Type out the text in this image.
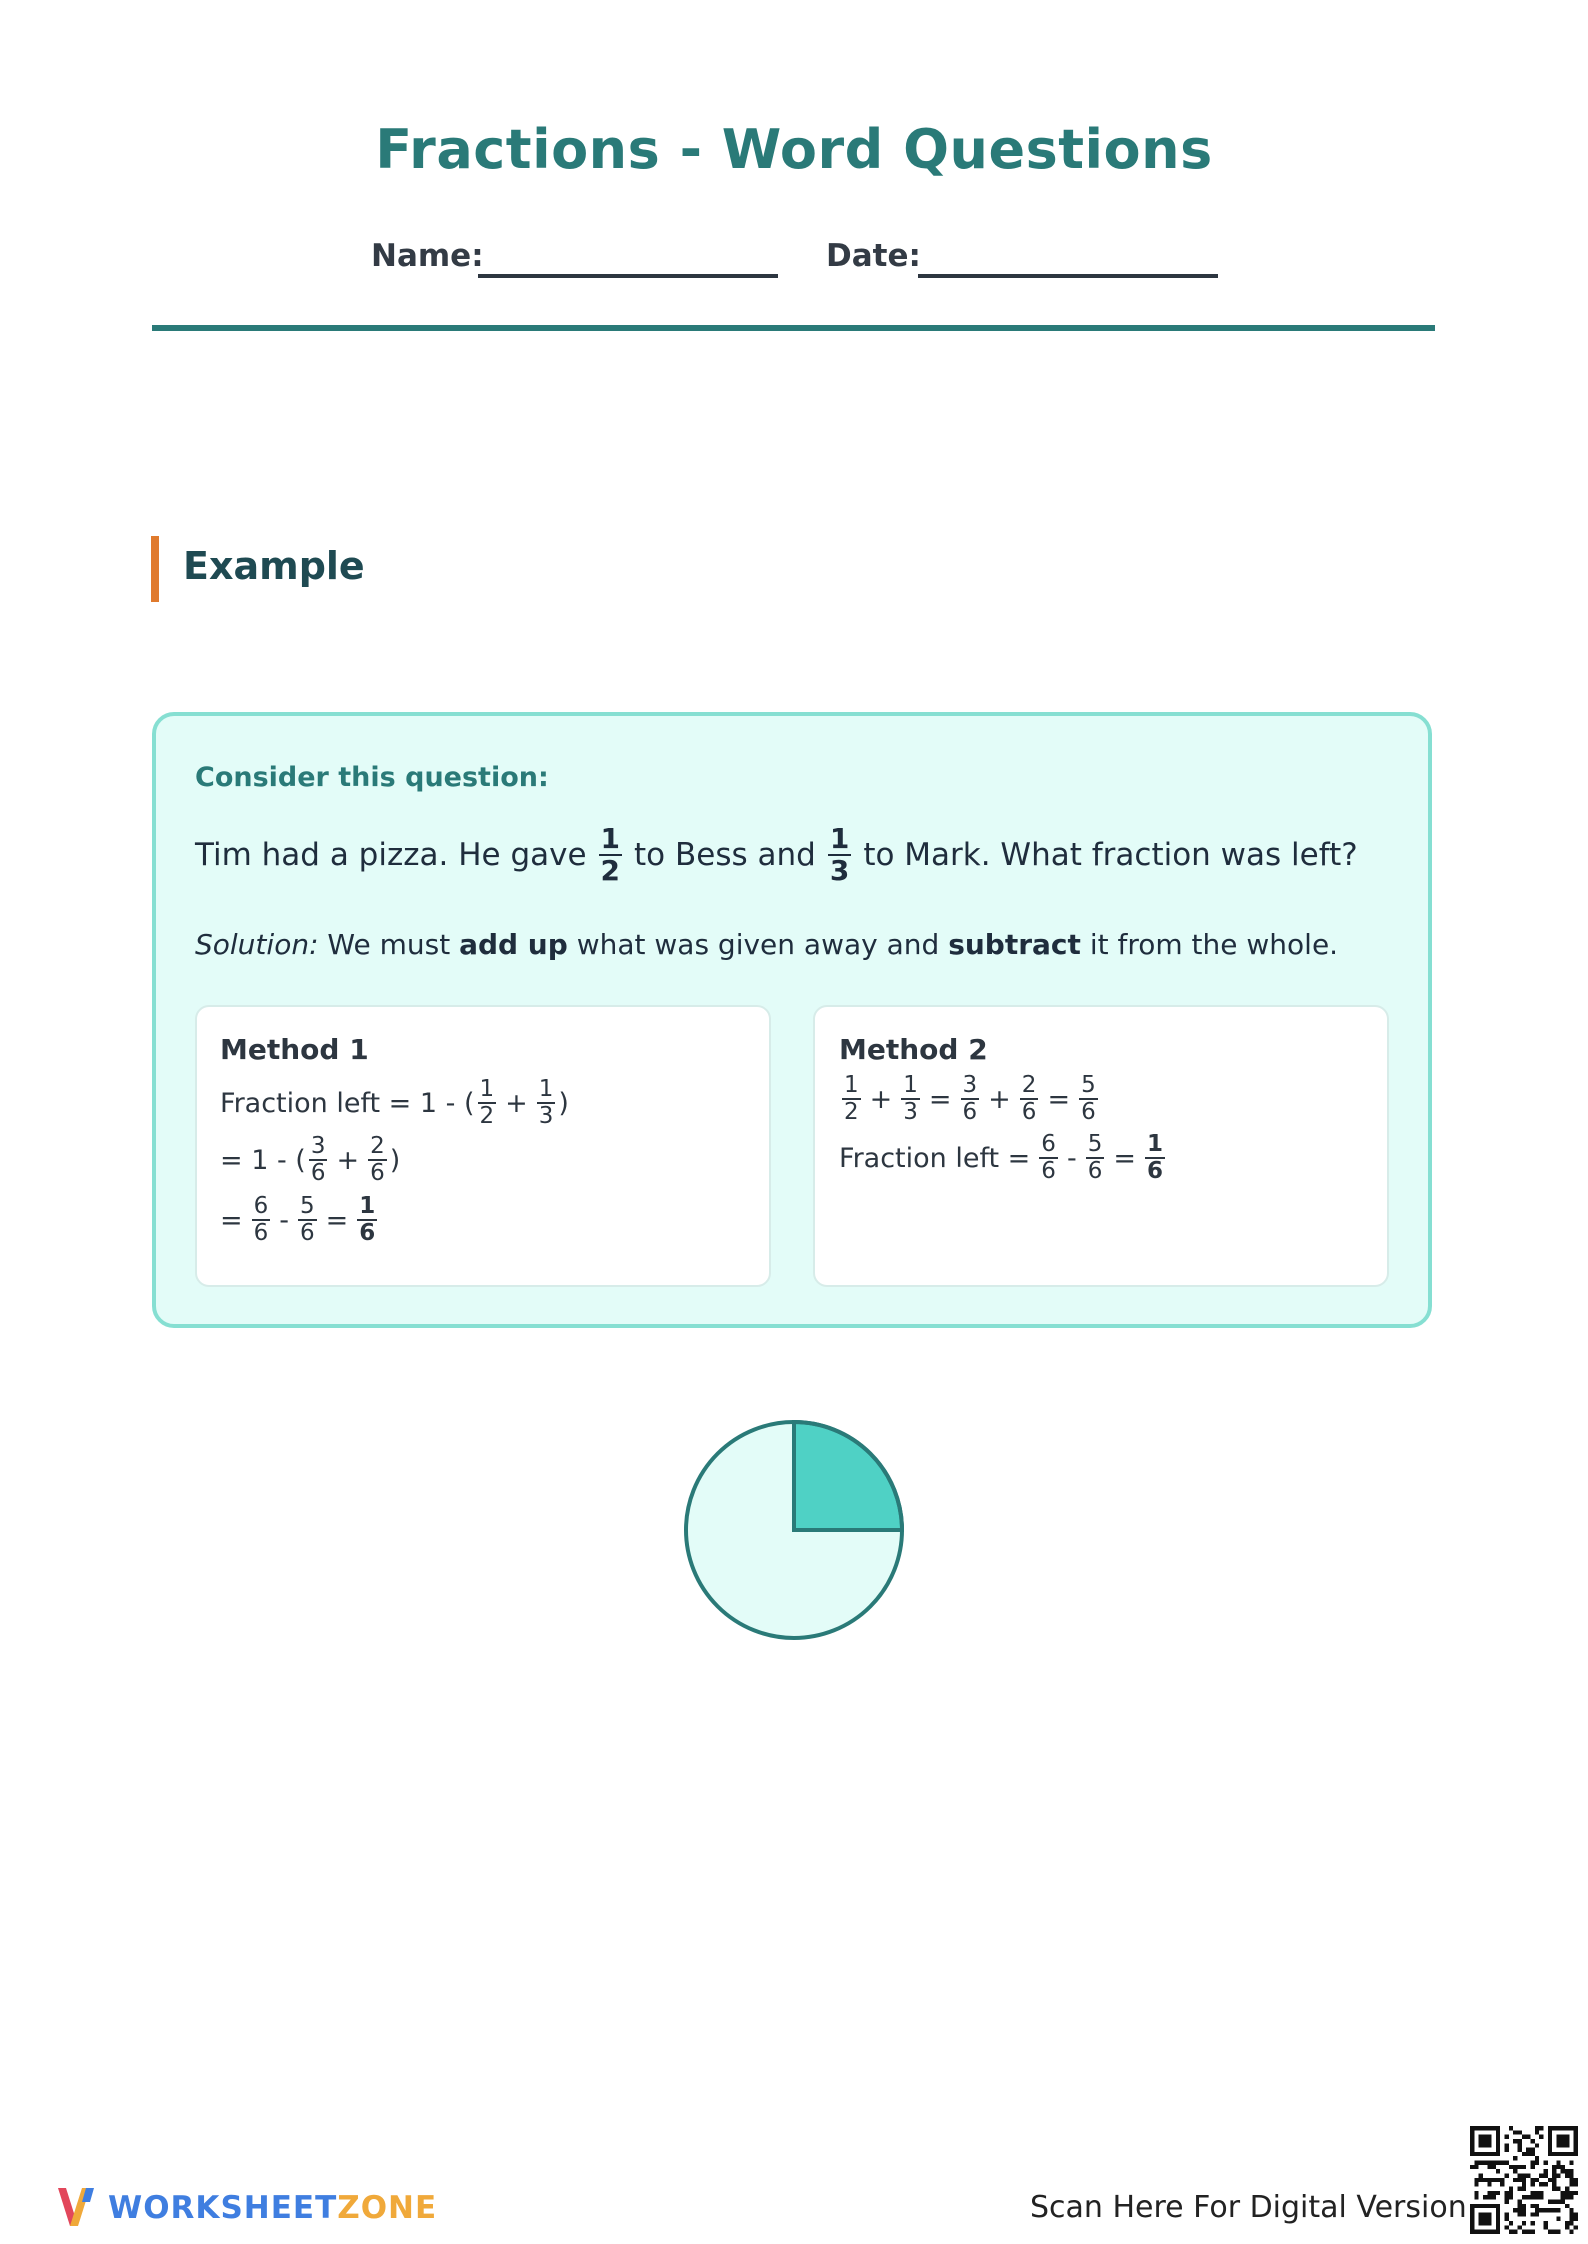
Fractions - Word Questions
Name:	Date:
Example
Consider this question:
Tim had a pizza. He gave $\frac{1}{2}$ to Bess and $\frac{1}{3}$ to Mark. What fraction was left?
Solution: We must add up what was given away and subtract it from the whole.
Method 1
Fraction left = 1 - ( $\frac{1}{2} + \frac{1}{3}$ )
= 1 - ( $\frac{3}{6} + \frac{2}{6}$ )
= $\frac{6}{6} - \frac{5}{6} = \frac{1}{6}$
Method 2
$\frac{1}{2} + \frac{1}{3} = \frac{3}{6} + \frac{2}{6} = \frac{5}{6}$
Fraction left = $\frac{6}{6} - \frac{5}{6} = \frac{1}{6}$
WORKSHEETZONE	Scan Here For Digital Version
